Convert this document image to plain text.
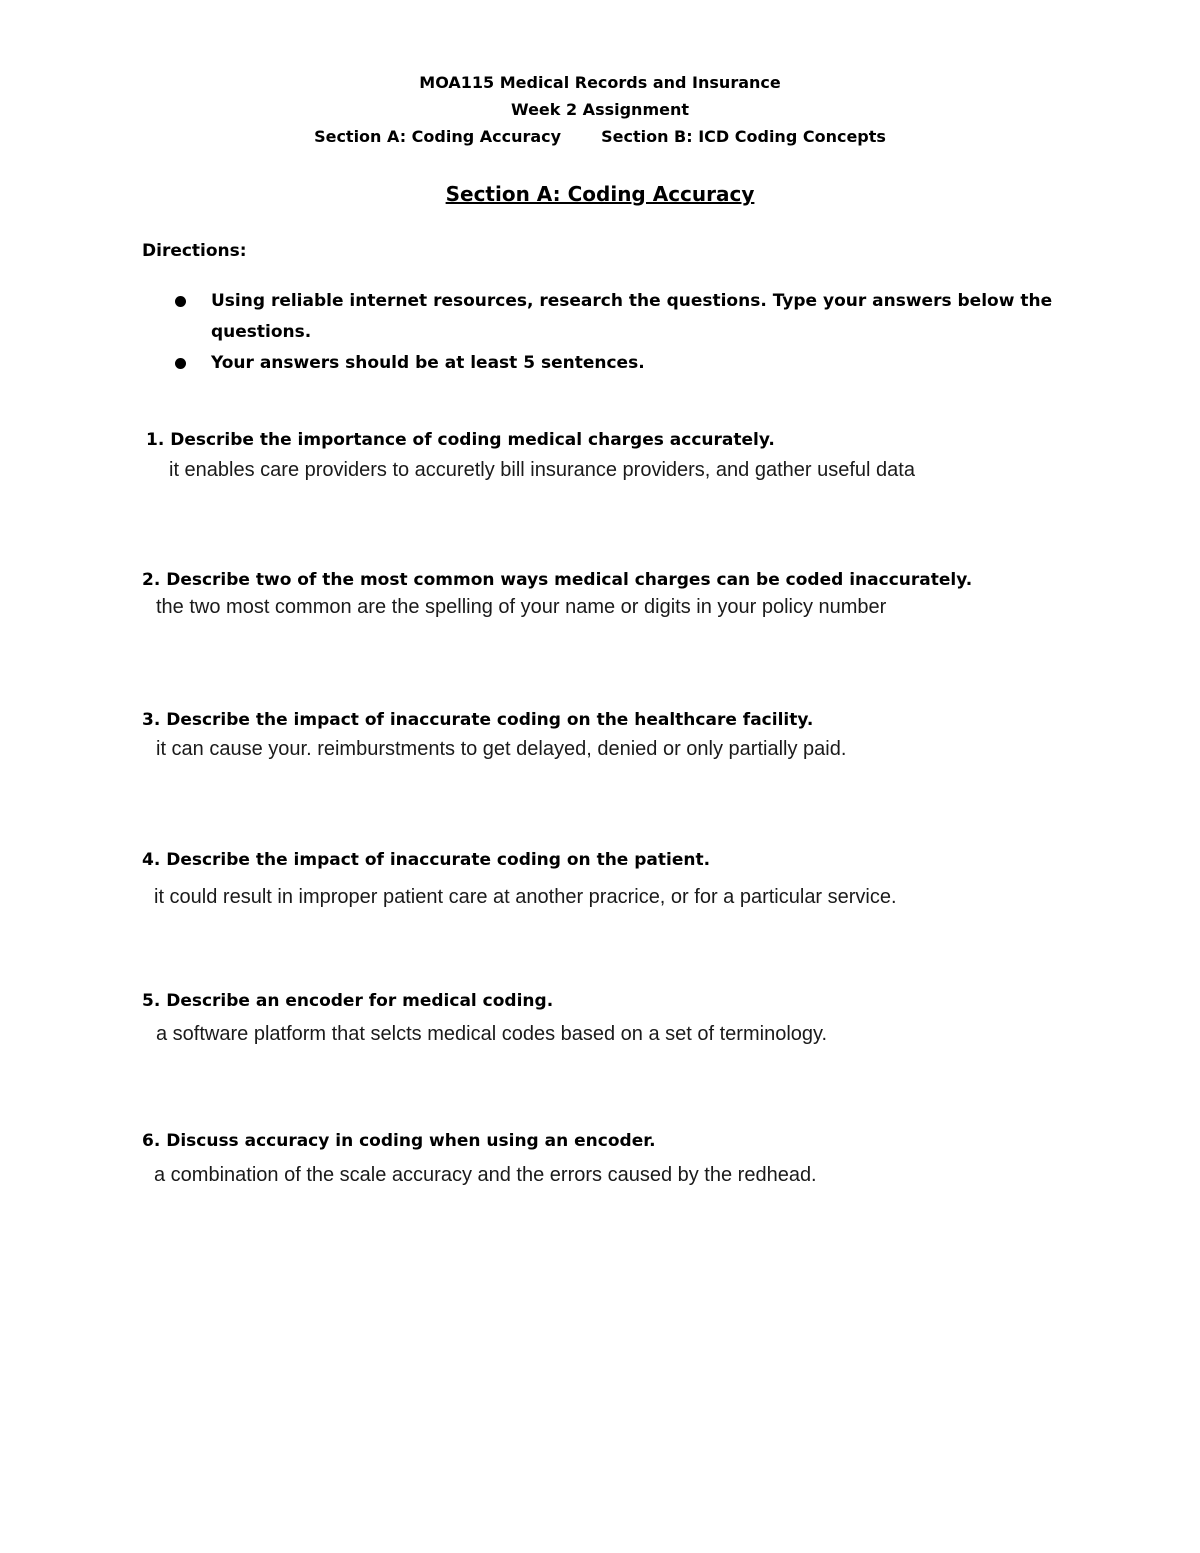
MOA115 Medical Records and Insurance
Week 2 Assignment
Section A: Coding Accuracy	Section B: ICD Coding Concepts
Section A: Coding Accuracy
Directions:
Using reliable internet resources, research the questions. Type your answers below the questions.
Your answers should be at least 5 sentences.
1. Describe the importance of coding medical charges accurately.
it enables care providers to accuretly bill insurance providers, and gather useful data
2. Describe two of the most common ways medical charges can be coded inaccurately.
the two most common are the spelling of your name or digits in your policy number
3. Describe the impact of inaccurate coding on the healthcare facility.
it can cause your. reimburstments to get delayed, denied or only partially paid.
4. Describe the impact of inaccurate coding on the patient.
it could result in improper patient care at another pracrice, or for a particular service.
5. Describe an encoder for medical coding.
a software platform that selcts medical codes based on a set of terminology.
6. Discuss accuracy in coding when using an encoder.
a combination of the scale accuracy and the errors caused by the redhead.
